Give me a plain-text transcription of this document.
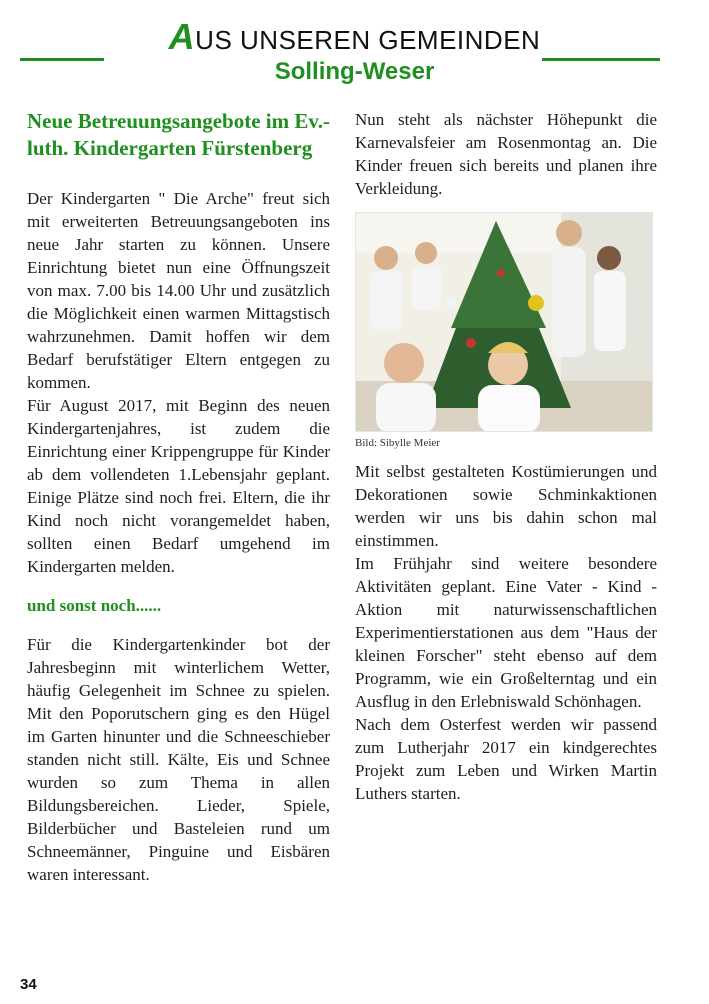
AUS UNSEREN GEMEINDEN
Solling-Weser
Neue Betreuungsangebote im Ev.-luth. Kindergarten Fürstenberg

Der Kindergarten " Die Arche" freut sich mit erweiterten Betreuungsangeboten ins neue Jahr starten zu können. Unsere Einrichtung bietet nun eine Öffnungszeit von max. 7.00 bis 14.00 Uhr und zusätzlich die Möglichkeit einen warmen Mittagstisch wahrzunehmen. Damit hoffen wir dem Bedarf berufstätiger Eltern entgegen zu kommen.

Für August 2017, mit Beginn des neuen Kindergartenjahres, ist zudem die Einrichtung einer Krippengruppe für Kinder ab dem vollendeten 1.Lebensjahr geplant. Einige Plätze sind noch frei. Eltern, die ihr Kind noch nicht vorangemeldet haben, sollten einen Bedarf umgehend im Kindergarten melden.

und sonst noch......

Für die Kindergartenkinder bot der Jahresbeginn mit winterlichem Wetter, häufig Gelegenheit im Schnee zu spielen. Mit den Poporutschern ging es den Hügel im Garten hinunter und die Schneeschieber standen nicht still. Kälte, Eis und Schnee wurden so zum Thema in allen Bildungsbereichen. Lieder, Spiele, Bilderbücher und Basteleien rund um Schneemänner, Pinguine und Eisbären waren interessant.

Nun steht als nächster Höhepunkt die Karnevalsfeier am Rosenmontag an. Die Kinder freuen sich bereits und planen ihre Verkleidung.

Bild: Sibylle Meier

Mit selbst gestalteten Kostümierungen und Dekorationen sowie Schminkaktionen werden wir uns bis dahin schon mal einstimmen.

Im Frühjahr sind weitere besondere Aktivitäten geplant. Eine Vater - Kind - Aktion mit naturwissenschaftlichen Experimentierstationen aus dem "Haus der kleinen Forscher" steht ebenso auf dem Programm, wie ein Großelterntag und ein Ausflug in den Erlebniswald Schönhagen.

Nach dem Osterfest werden wir passend zum Lutherjahr 2017 ein kindgerechtes Projekt zum Leben und Wirken Martin Luthers starten.

34
